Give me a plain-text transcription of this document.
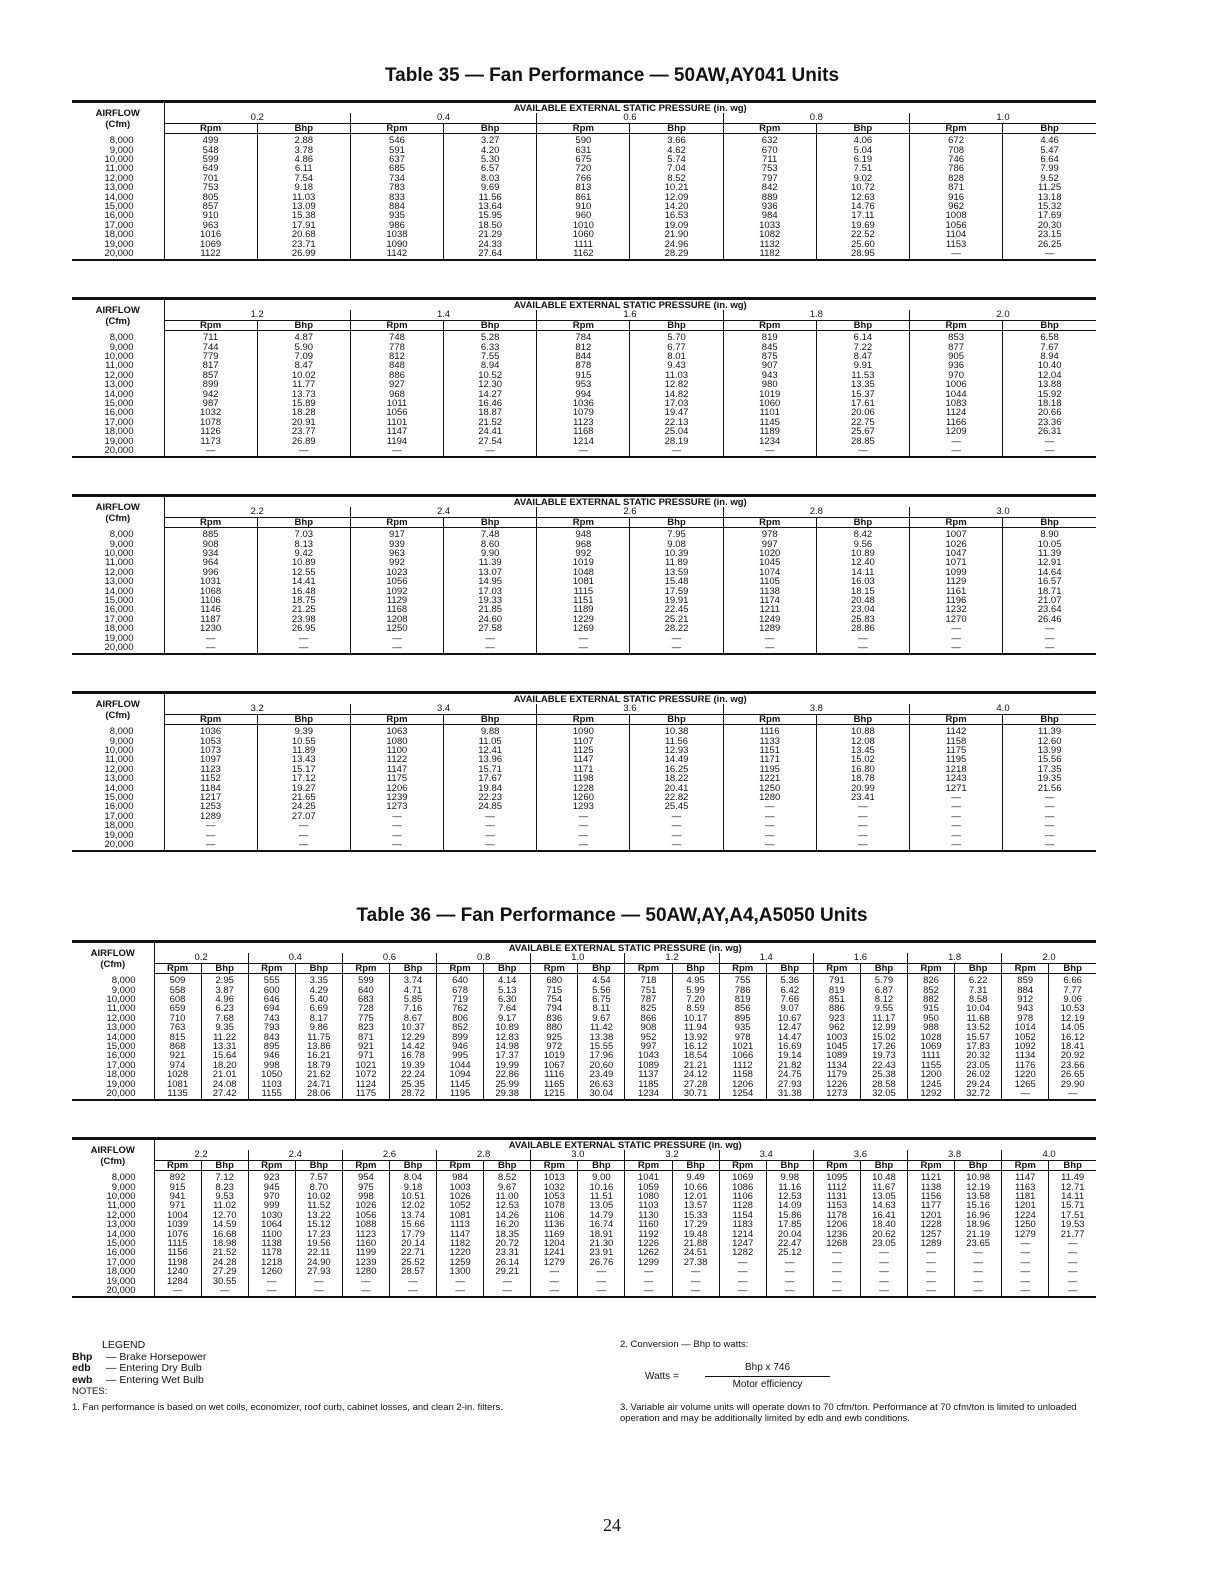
Table 35 — Fan Performance — 50AW,AY041 Units
AIRFLOW
(Cfm)	AVAILABLE EXTERNAL STATIC PRESSURE (in. wg)									
	0.2		0.4		0.6		0.8		1.0	
	Rpm	Bhp	Rpm	Bhp	Rpm	Bhp	Rpm	Bhp	Rpm	Bhp
8,000	499	2.88	546	3.27	590	3.66	632	4.06	672	4.46
9,000	548	3.78	591	4.20	631	4.62	670	5.04	708	5.47
10,000	599	4.86	637	5.30	675	5.74	711	6.19	746	6.64
11,000	649	6.11	685	6.57	720	7.04	753	7.51	786	7.99
12,000	701	7.54	734	8.03	766	8.52	797	9.02	828	9.52
13,000	753	9.18	783	9.69	813	10.21	842	10.72	871	11.25
14,000	805	11.03	833	11.56	861	12.09	889	12.63	916	13.18
15,000	857	13.09	884	13.64	910	14.20	936	14.76	962	15.32
16,000	910	15.38	935	15.95	960	16.53	984	17.11	1008	17.69
17,000	963	17.91	986	18.50	1010	19.09	1033	19.69	1056	20.30
18,000	1016	20.68	1038	21.29	1060	21.90	1082	22.52	1104	23.15
19,000	1069	23.71	1090	24.33	1111	24.96	1132	25.60	1153	26.25
20,000	1122	26.99	1142	27.64	1162	28.29	1182	28.95	—	—
AIRFLOW
(Cfm)	AVAILABLE EXTERNAL STATIC PRESSURE (in. wg)									
	1.2		1.4		1.6		1.8		2.0	
	Rpm	Bhp	Rpm	Bhp	Rpm	Bhp	Rpm	Bhp	Rpm	Bhp
8,000	711	4.87	748	5.28	784	5.70	819	6.14	853	6.58
9,000	744	5.90	778	6.33	812	6.77	845	7.22	877	7.67
10,000	779	7.09	812	7.55	844	8.01	875	8.47	905	8.94
11,000	817	8.47	848	8.94	878	9.43	907	9.91	936	10.40
12,000	857	10.02	886	10.52	915	11.03	943	11.53	970	12.04
13,000	899	11.77	927	12.30	953	12.82	980	13.35	1006	13.88
14,000	942	13.73	968	14.27	994	14.82	1019	15.37	1044	15.92
15,000	987	15.89	1011	16.46	1036	17.03	1060	17.61	1083	18.18
16,000	1032	18.28	1056	18.87	1079	19.47	1101	20.06	1124	20.66
17,000	1078	20.91	1101	21.52	1123	22.13	1145	22.75	1166	23.36
18,000	1126	23.77	1147	24.41	1168	25.04	1189	25.67	1209	26.31
19,000	1173	26.89	1194	27.54	1214	28.19	1234	28.85	—	—
20,000	—	—	—	—	—	—	—	—	—	—
AIRFLOW
(Cfm)	AVAILABLE EXTERNAL STATIC PRESSURE (in. wg)									
	2.2		2.4		2.6		2.8		3.0	
	Rpm	Bhp	Rpm	Bhp	Rpm	Bhp	Rpm	Bhp	Rpm	Bhp
8,000	885	7.03	917	7.48	948	7.95	978	8.42	1007	8.90
9,000	908	8.13	939	8.60	968	9.08	997	9.56	1026	10.05
10,000	934	9.42	963	9.90	992	10.39	1020	10.89	1047	11.39
11,000	964	10.89	992	11.39	1019	11.89	1045	12.40	1071	12.91
12,000	996	12.55	1023	13.07	1048	13.59	1074	14.11	1099	14.64
13,000	1031	14.41	1056	14.95	1081	15.48	1105	16.03	1129	16.57
14,000	1068	16.48	1092	17.03	1115	17.59	1138	18.15	1161	18.71
15,000	1106	18.75	1129	19.33	1151	19.91	1174	20.48	1196	21.07
16,000	1146	21.25	1168	21.85	1189	22.45	1211	23.04	1232	23.64
17,000	1187	23.98	1208	24.60	1229	25.21	1249	25.83	1270	26.46
18,000	1230	26.95	1250	27.58	1269	28.22	1289	28.86	—	—
19,000	—	—	—	—	—	—	—	—	—	—
20,000	—	—	—	—	—	—	—	—	—	—
AIRFLOW
(Cfm)	AVAILABLE EXTERNAL STATIC PRESSURE (in. wg)									
	3.2		3.4		3.6		3.8		4.0	
	Rpm	Bhp	Rpm	Bhp	Rpm	Bhp	Rpm	Bhp	Rpm	Bhp
8,000	1036	9.39	1063	9.88	1090	10.38	1116	10.88	1142	11.39
9,000	1053	10.55	1080	11.05	1107	11.56	1133	12.08	1158	12.60
10,000	1073	11.89	1100	12.41	1125	12.93	1151	13.45	1175	13.99
11,000	1097	13.43	1122	13.96	1147	14.49	1171	15.02	1195	15.56
12,000	1123	15.17	1147	15.71	1171	16.25	1195	16.80	1218	17.35
13,000	1152	17.12	1175	17.67	1198	18.22	1221	18.78	1243	19.35
14,000	1184	19.27	1206	19.84	1228	20.41	1250	20.99	1271	21.56
15,000	1217	21.65	1239	22.23	1260	22.82	1280	23.41	—	—
16,000	1253	24.25	1273	24.85	1293	25.45	—	—	—	—
17,000	1289	27.07	—	—	—	—	—	—	—	—
18,000	—	—	—	—	—	—	—	—	—	—
19,000	—	—	—	—	—	—	—	—	—	—
20,000	—	—	—	—	—	—	—	—	—	—
Table 36 — Fan Performance — 50AW,AY,A4,A5050 Units
AIRFLOW
(Cfm)	AVAILABLE EXTERNAL STATIC PRESSURE (in. wg)																			
	0.2		0.4		0.6		0.8		1.0		1.2		1.4		1.6		1.8		2.0	
	Rpm	Bhp	Rpm	Bhp	Rpm	Bhp	Rpm	Bhp	Rpm	Bhp	Rpm	Bhp	Rpm	Bhp	Rpm	Bhp	Rpm	Bhp	Rpm	Bhp
8,000	509	2.95	555	3.35	599	3.74	640	4.14	680	4.54	718	4.95	755	5.36	791	5.79	826	6.22	859	6.66
9,000	558	3.87	600	4.29	640	4.71	678	5.13	715	5.56	751	5.99	786	6.42	819	6.87	852	7.31	884	7.77
10,000	608	4.96	646	5.40	683	5.85	719	6.30	754	6.75	787	7.20	819	7.66	851	8.12	882	8.58	912	9.06
11,000	659	6.23	694	6.69	728	7.16	762	7.64	794	8.11	825	8.59	856	9.07	886	9.55	915	10.04	943	10.53
12,000	710	7.68	743	8.17	775	8.67	806	9.17	836	9.67	866	10.17	895	10.67	923	11.17	950	11.68	978	12.19
13,000	763	9.35	793	9.86	823	10.37	852	10.89	880	11.42	908	11.94	935	12.47	962	12.99	988	13.52	1014	14.05
14,000	815	11.22	843	11.75	871	12.29	899	12.83	925	13.38	952	13.92	978	14.47	1003	15.02	1028	15.57	1052	16.12
15,000	868	13.31	895	13.86	921	14.42	946	14.98	972	15.55	997	16.12	1021	16.69	1045	17.26	1069	17.83	1092	18.41
16,000	921	15.64	946	16.21	971	16.78	995	17.37	1019	17.96	1043	18.54	1066	19.14	1089	19.73	1111	20.32	1134	20.92
17,000	974	18.20	998	18.79	1021	19.39	1044	19.99	1067	20.60	1089	21.21	1112	21.82	1134	22.43	1155	23.05	1176	23.66
18,000	1028	21.01	1050	21.62	1072	22.24	1094	22.86	1116	23.49	1137	24.12	1158	24.75	1179	25.38	1200	26.02	1220	26.65
19,000	1081	24.08	1103	24.71	1124	25.35	1145	25.99	1165	26.63	1185	27.28	1206	27.93	1226	28.58	1245	29.24	1265	29.90
20,000	1135	27.42	1155	28.06	1175	28.72	1195	29.38	1215	30.04	1234	30.71	1254	31.38	1273	32.05	1292	32.72	—	—
AIRFLOW
(Cfm)	AVAILABLE EXTERNAL STATIC PRESSURE (in. wg)																			
	2.2		2.4		2.6		2.8		3.0		3.2		3.4		3.6		3.8		4.0	
	Rpm	Bhp	Rpm	Bhp	Rpm	Bhp	Rpm	Bhp	Rpm	Bhp	Rpm	Bhp	Rpm	Bhp	Rpm	Bhp	Rpm	Bhp	Rpm	Bhp
8,000	892	7.12	923	7.57	954	8.04	984	8.52	1013	9.00	1041	9.49	1069	9.98	1095	10.48	1121	10.98	1147	11.49
9,000	915	8.23	945	8.70	975	9.18	1003	9.67	1032	10.16	1059	10.66	1086	11.16	1112	11.67	1138	12.19	1163	12.71
10,000	941	9.53	970	10.02	998	10.51	1026	11.00	1053	11.51	1080	12.01	1106	12.53	1131	13.05	1156	13.58	1181	14.11
11,000	971	11.02	999	11.52	1026	12.02	1052	12.53	1078	13.05	1103	13.57	1128	14.09	1153	14.63	1177	15.16	1201	15.71
12,000	1004	12.70	1030	13.22	1056	13.74	1081	14.26	1106	14.79	1130	15.33	1154	15.86	1178	16.41	1201	16.96	1224	17.51
13,000	1039	14.59	1064	15.12	1088	15.66	1113	16.20	1136	16.74	1160	17.29	1183	17.85	1206	18.40	1228	18.96	1250	19.53
14,000	1076	16.68	1100	17.23	1123	17.79	1147	18.35	1169	18.91	1192	19.48	1214	20.04	1236	20.62	1257	21.19	1279	21.77
15,000	1115	18.98	1138	19.56	1160	20.14	1182	20.72	1204	21.30	1226	21.88	1247	22.47	1268	23.05	1289	23.65	—	—
16,000	1156	21.52	1178	22.11	1199	22.71	1220	23.31	1241	23.91	1262	24.51	1282	25.12	—	—	—	—	—	—
17,000	1198	24.28	1218	24.90	1239	25.52	1259	26.14	1279	26.76	1299	27.38	—	—	—	—	—	—	—	—
18,000	1240	27.29	1260	27.93	1280	28.57	1300	29.21	—	—	—	—	—	—	—	—	—	—	—	—
19,000	1284	30.55	—	—	—	—	—	—	—	—	—	—	—	—	—	—	—	—	—	—
20,000	—	—	—	—	—	—	—	—	—	—	—	—	—	—	—	—	—	—	—	—
LEGEND
Bhp — Brake Horsepower
edb — Entering Dry Bulb
ewb — Entering Wet Bulb
NOTES:
1. Fan performance is based on wet coils, economizer, roof curb, cabinet losses, and clean 2-in. filters.
2. Conversion — Bhp to watts:
Watts =
Bhp x 746
Motor efficiency
3. Variable air volume units will operate down to 70 cfm/ton. Performance at 70 cfm/ton is limited to unloaded operation and may be additionally limited by edb and ewb conditions.
24
